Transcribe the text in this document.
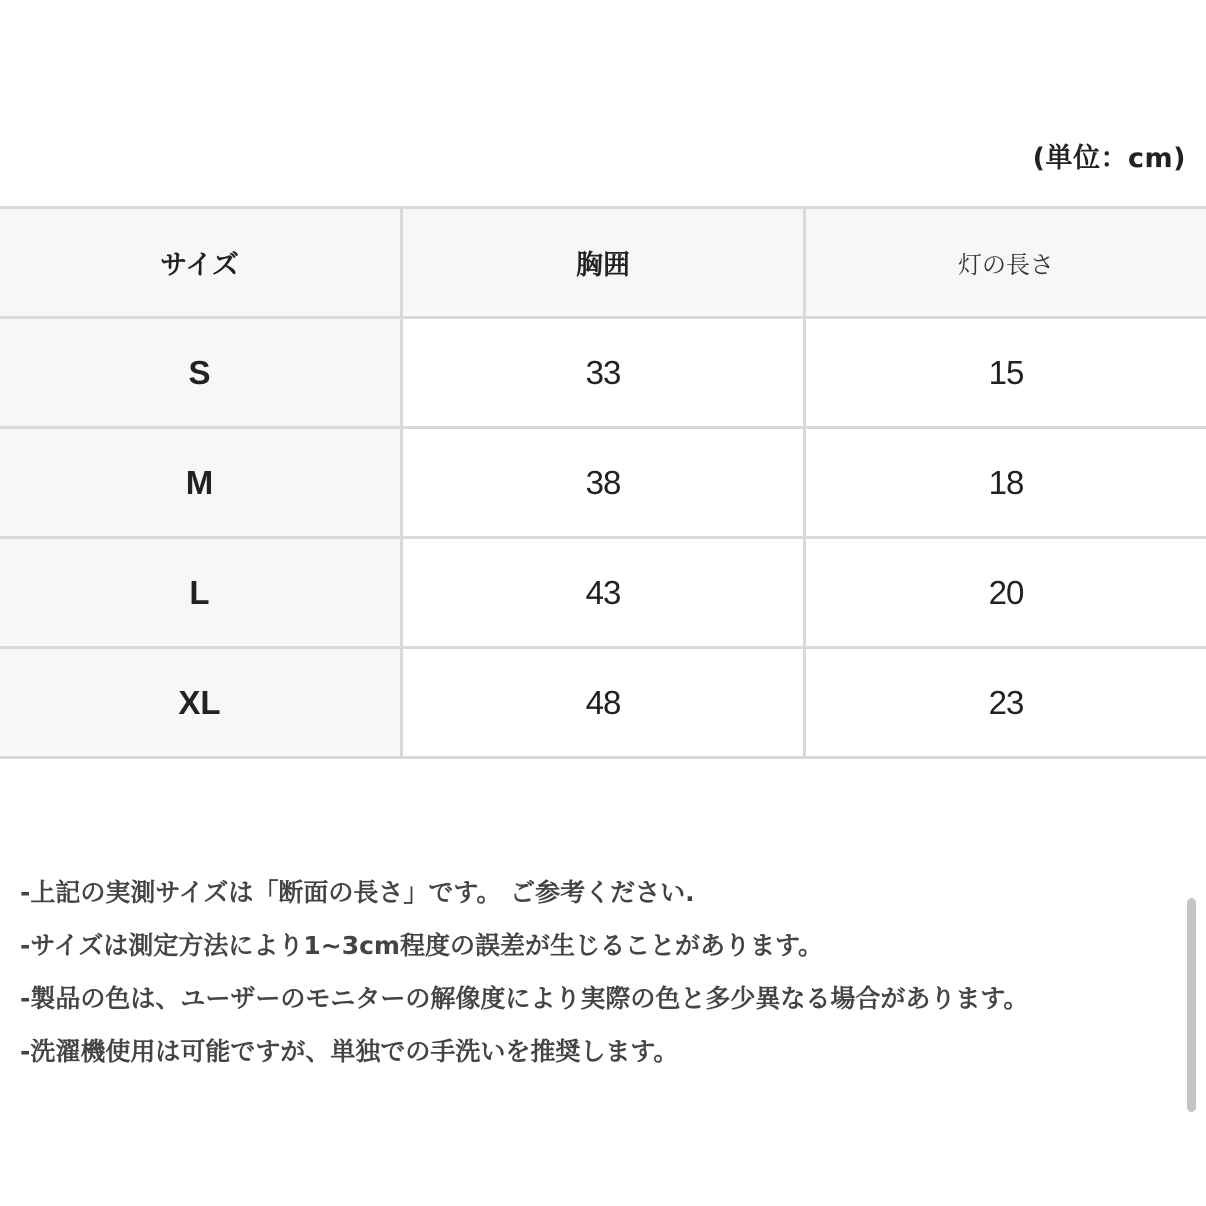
(単位：cm)
サイズ	胸囲	灯の長さ
S	33	15
M	38	18
L	43	20
XL	48	23
-上記の実測サイズは「断面の長さ」です。 ご参考ください.
-サイズは測定方法により1~3cm程度の誤差が生じることがあります。
-製品の色は、ユーザーのモニターの解像度により実際の色と多少異なる場合があります。
-洗濯機使用は可能ですが、単独での手洗いを推奨します。
